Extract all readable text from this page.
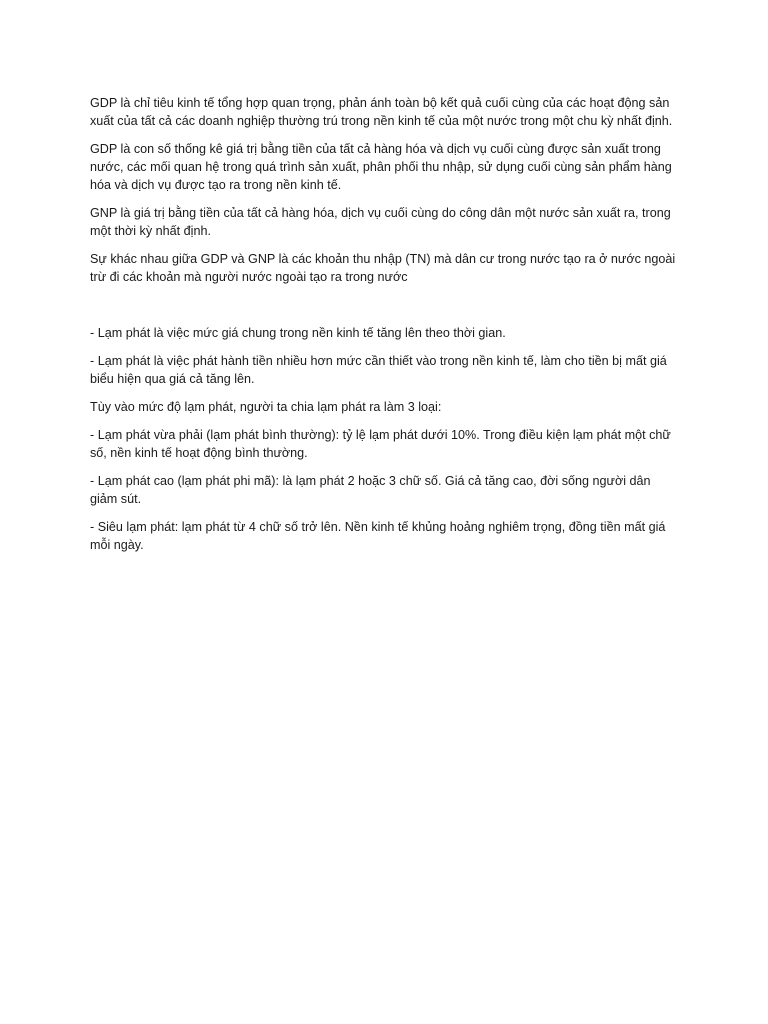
GDP là chỉ tiêu kinh tế tổng hợp quan trọng, phản ánh toàn bộ kết quả cuối cùng của các hoạt động sản xuất của tất cả các doanh nghiệp thường trú trong nền kinh tế của một nước trong một chu kỳ nhất định.

GDP là con số thống kê giá trị bằng tiền của tất cả hàng hóa và dịch vụ cuối cùng được sản xuất trong nước, các mối quan hệ trong quá trình sản xuất, phân phối thu nhập, sử dụng cuối cùng sản phẩm hàng hóa và dịch vụ được tạo ra trong nền kinh tế.

GNP là giá trị bằng tiền của tất cả hàng hóa, dịch vụ cuối cùng do công dân một nước sản xuất ra, trong một thời kỳ nhất định.

Sự khác nhau giữa GDP và GNP là các khoản thu nhập (TN) mà dân cư trong nước tạo ra ở nước ngoài trừ đi các khoản mà người nước ngoài tạo ra trong nước

- Lạm phát là việc mức giá chung trong nền kinh tế tăng lên theo thời gian.

- Lạm phát là việc phát hành tiền nhiều hơn mức cần thiết vào trong nền kinh tế, làm cho tiền bị mất giá biểu hiện qua giá cả tăng lên.

Tùy vào mức độ lạm phát, người ta chia lạm phát ra làm 3 loại:

- Lạm phát vừa phải (lạm phát bình thường): tỷ lệ lạm phát dưới 10%. Trong điều kiện lạm phát một chữ số, nền kinh tế hoạt động bình thường.

- Lạm phát cao (lạm phát phi mã): là lạm phát 2 hoặc 3 chữ số. Giá cả tăng cao, đời sống người dân giảm sút.

- Siêu lạm phát: lạm phát từ 4 chữ số trở lên. Nền kinh tế khủng hoảng nghiêm trọng, đồng tiền mất giá mỗi ngày.
